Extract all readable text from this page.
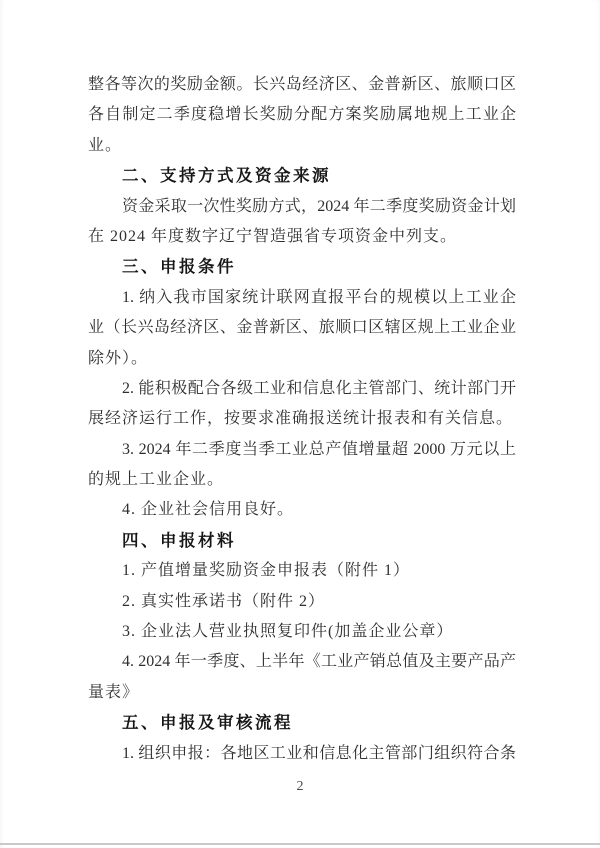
整各等次的奖励金额。长兴岛经济区、金普新区、旅顺口区
各自制定二季度稳增长奖励分配方案奖励属地规上工业企
业。
二、支持方式及资金来源
资金采取一次性奖励方式，2024 年二季度奖励资金计划
在 2024 年度数字辽宁智造强省专项资金中列支。
三、申报条件
1. 纳入我市国家统计联网直报平台的规模以上工业企
业（长兴岛经济区、金普新区、旅顺口区辖区规上工业企业
除外）。
2. 能积极配合各级工业和信息化主管部门、统计部门开
展经济运行工作，按要求准确报送统计报表和有关信息。
3. 2024 年二季度当季工业总产值增量超 2000 万元以上
的规上工业企业。
4. 企业社会信用良好。
四、申报材料
1. 产值增量奖励资金申报表（附件 1）
2. 真实性承诺书（附件 2）
3. 企业法人营业执照复印件(加盖企业公章）
4. 2024 年一季度、上半年《工业产销总值及主要产品产
量表》
五、申报及审核流程
1. 组织申报：各地区工业和信息化主管部门组织符合条
2
